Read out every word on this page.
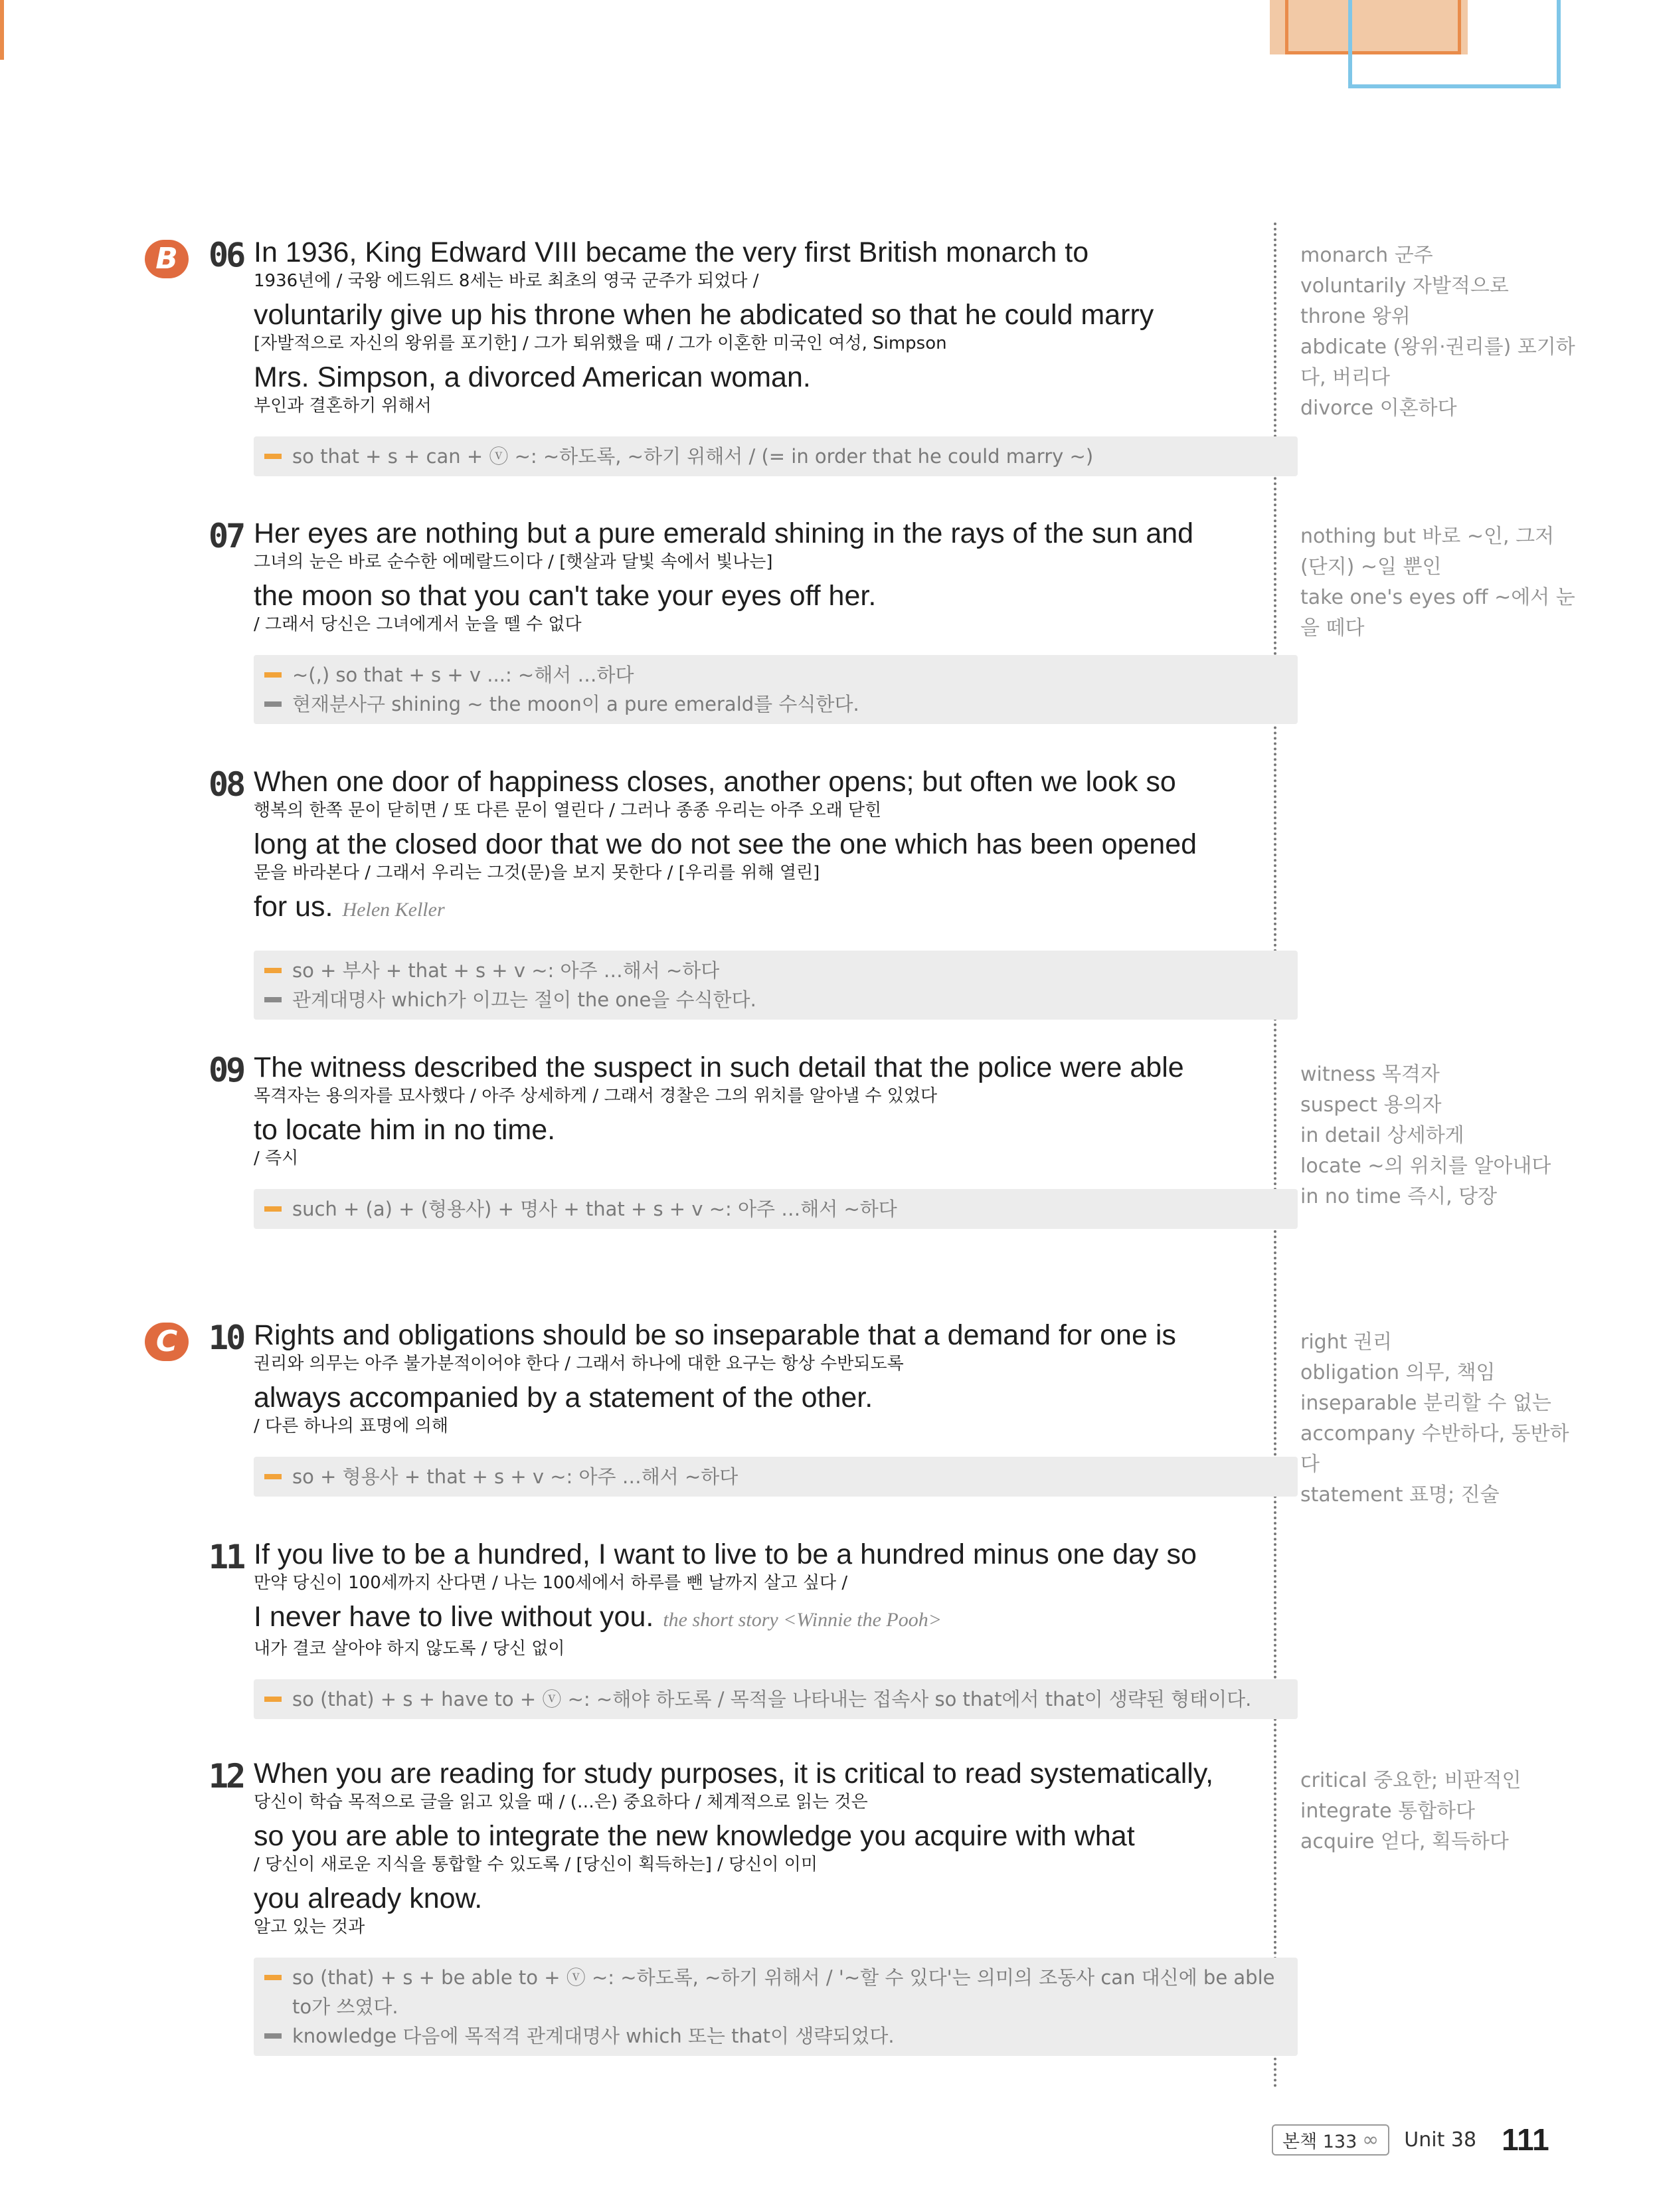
B 06 In 1936, King Edward VIII became the very first British monarch to
1936년에 / 국왕 에드워드 8세는 바로 최초의 영국 군주가 되었다 /
voluntarily give up his throne when he abdicated so that he could marry
[자발적으로 자신의 왕위를 포기한] / 그가 퇴위했을 때 / 그가 이혼한 미국인 여성, Simpson
Mrs. Simpson, a divorced American woman.
부인과 결혼하기 위해서
so that + s + can + ⓥ ~: ~하도록, ~하기 위해서 / (= in order that he could marry ~)
monarch 군주
voluntarily 자발적으로
throne 왕위
abdicate (왕위·권리를) 포기하다, 버리다
divorce 이혼하다
07 Her eyes are nothing but a pure emerald shining in the rays of the sun and
그녀의 눈은 바로 순수한 에메랄드이다 / [햇살과 달빛 속에서 빛나는]
the moon so that you can't take your eyes off her.
/ 그래서 당신은 그녀에게서 눈을 뗄 수 없다
~(,) so that + s + v ...: ~해서 …하다
현재분사구 shining ~ the moon이 a pure emerald를 수식한다.
nothing but 바로 ~인, 그저 (단지) ~일 뿐인
take one's eyes off ~에서 눈을 떼다
08 When one door of happiness closes, another opens; but often we look so
행복의 한쪽 문이 닫히면 / 또 다른 문이 열린다 / 그러나 종종 우리는 아주 오래 닫힌
long at the closed door that we do not see the one which has been opened
문을 바라본다 / 그래서 우리는 그것(문)을 보지 못한다 / [우리를 위해 열린]
for us. Helen Keller
so + 부사 + that + s + v ~: 아주 …해서 ~하다
관계대명사 which가 이끄는 절이 the one을 수식한다.
09 The witness described the suspect in such detail that the police were able
목격자는 용의자를 묘사했다 / 아주 상세하게 / 그래서 경찰은 그의 위치를 알아낼 수 있었다
to locate him in no time.
/ 즉시
such + (a) + (형용사) + 명사 + that + s + v ~: 아주 …해서 ~하다
witness 목격자
suspect 용의자
in detail 상세하게
locate ~의 위치를 알아내다
in no time 즉시, 당장
C 10 Rights and obligations should be so inseparable that a demand for one is
권리와 의무는 아주 불가분적이어야 한다 / 그래서 하나에 대한 요구는 항상 수반되도록
always accompanied by a statement of the other.
/ 다른 하나의 표명에 의해
so + 형용사 + that + s + v ~: 아주 …해서 ~하다
right 권리
obligation 의무, 책임
inseparable 분리할 수 없는
accompany 수반하다, 동반하다
statement 표명; 진술
11 If you live to be a hundred, I want to live to be a hundred minus one day so
만약 당신이 100세까지 산다면 / 나는 100세에서 하루를 뺀 날까지 살고 싶다 /
I never have to live without you. the short story <Winnie the Pooh>
내가 결코 살아야 하지 않도록 / 당신 없이
so (that) + s + have to + ⓥ ~: ~해야 하도록 / 목적을 나타내는 접속사 so that에서 that이 생략된 형태이다.
12 When you are reading for study purposes, it is critical to read systematically,
당신이 학습 목적으로 글을 읽고 있을 때 / (…은) 중요하다 / 체계적으로 읽는 것은
so you are able to integrate the new knowledge you acquire with what
/ 당신이 새로운 지식을 통합할 수 있도록 / [당신이 획득하는] / 당신이 이미
you already know.
알고 있는 것과
so (that) + s + be able to + ⓥ ~: ~하도록, ~하기 위해서 / '~할 수 있다'는 의미의 조동사 can 대신에 be able to가 쓰였다.
knowledge 다음에 목적격 관계대명사 which 또는 that이 생략되었다.
critical 중요한; 비판적인
integrate 통합하다
acquire 얻다, 획득하다
본책 133 ∞ Unit 38 111
